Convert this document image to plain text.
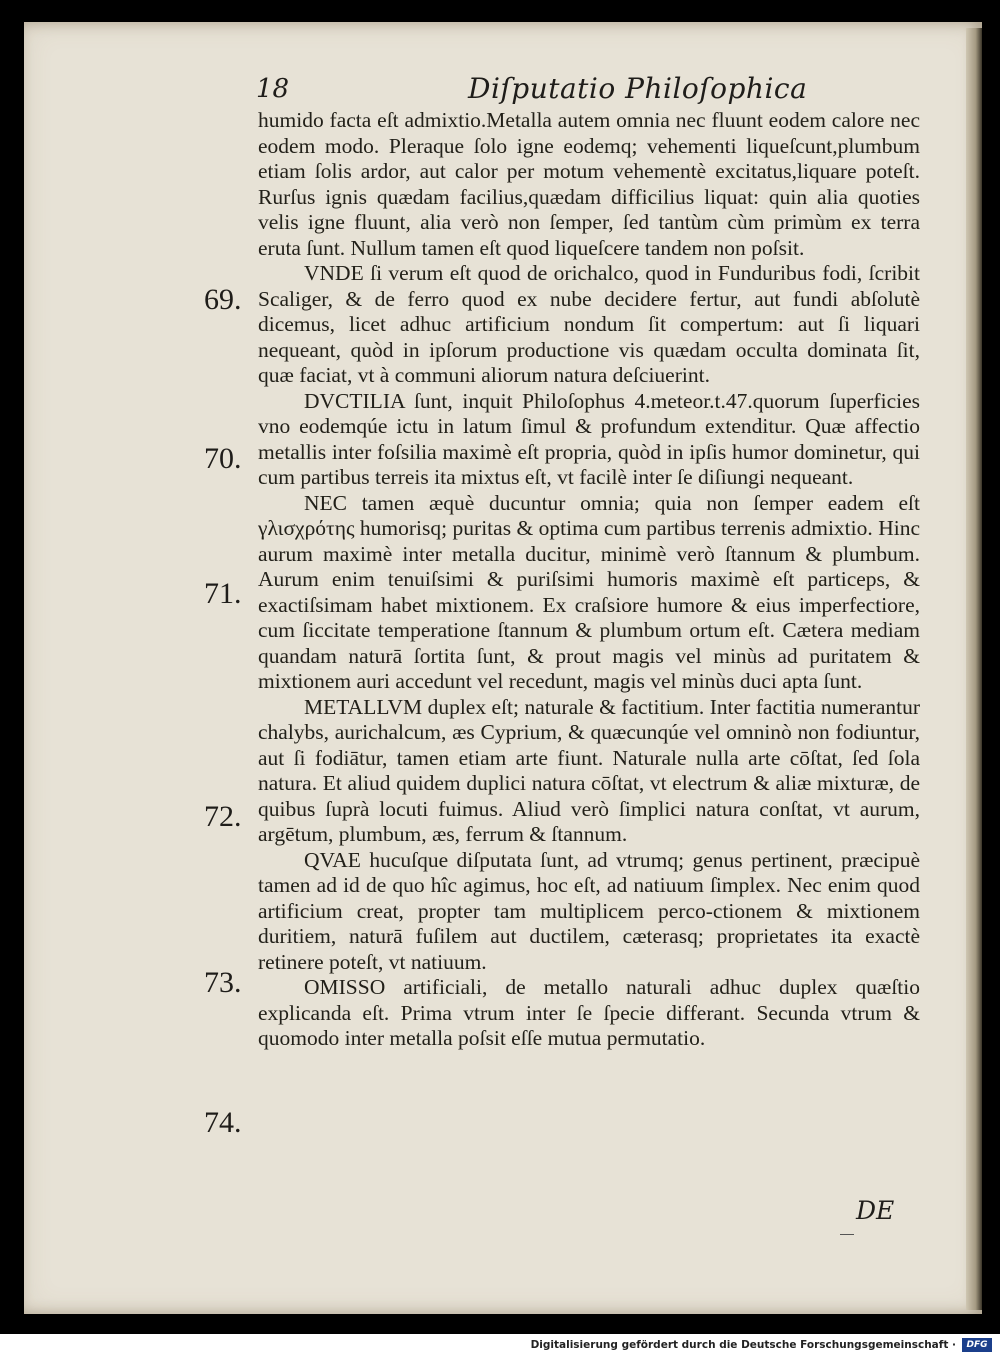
18	Diſputatio Philoſophica

humido facta eſt admixtio.Metalla autem omnia nec fluunt eodem calore nec eodem modo. Pleraque ſolo igne eodemq; vehementi liqueſcunt,plumbum etiam ſolis ardor, aut calor per motum vehementè excitatus,liquare poteſt. Rurſus ignis quædam facilius,quædam difficilius liquat: quin alia quoties velis igne fluunt, alia verò non ſemper, ſed tantùm cùm primùm ex terra eruta ſunt. Nullum tamen eſt quod liqueſcere tandem non poſsit.

VNDE ſi verum eſt quod de orichalco, quod in Funduribus fodi, ſcribit Scaliger, & de ferro quod ex nube decidere fertur, aut fundi abſolutè dicemus, licet adhuc artificium nondum ſit compertum: aut ſi liquari nequeant, quòd in ipſorum productione vis quædam occulta dominata ſit, quæ faciat, vt à communi aliorum natura deſciuerint.

DVCTILIA ſunt, inquit Philoſophus 4.meteor.t.47.quorum ſuperficies vno eodemqúe ictu in latum ſimul & profundum extenditur. Quæ affectio metallis inter foſsilia maximè eſt propria, quòd in ipſis humor dominetur, qui cum partibus terreis ita mixtus eſt, vt facilè inter ſe diſiungi nequeant.

NEC tamen æquè ducuntur omnia; quia non ſemper eadem eſt γλισχρότης humorisq; puritas & optima cum partibus terrenis admixtio. Hinc aurum maximè inter metalla ducitur, minimè verò ſtannum & plumbum. Aurum enim tenuiſsimi & puriſsimi humoris maximè eſt particeps, & exactiſsimam habet mixtionem. Ex craſsiore humore & eius imperfectiore, cum ſiccitate temperatione ſtannum & plumbum ortum eſt. Cætera mediam quandam naturā ſortita ſunt, & prout magis vel minùs ad puritatem & mixtionem auri accedunt vel recedunt, magis vel minùs duci apta ſunt.

METALLVM duplex eſt; naturale & factitium. Inter factitia numerantur chalybs, aurichalcum, æs Cyprium, & quæcunqúe vel omninò non fodiuntur, aut ſi fodiātur, tamen etiam arte fiunt. Naturale nulla arte cōſtat, ſed ſola natura. Et aliud quidem duplici natura cōſtat, vt electrum & aliæ mixturæ, de quibus ſuprà locuti fuimus. Aliud verò ſimplici natura conſtat, vt aurum, argētum, plumbum, æs, ferrum & ſtannum.

QVAE hucuſque diſputata ſunt, ad vtrumq; genus pertinent, præcipuè tamen ad id de quo hîc agimus, hoc eſt, ad natiuum ſimplex. Nec enim quod artificium creat, propter tam multiplicem perco-ctionem & mixtionem duritiem, naturā fuſilem aut ductilem, cæterasq; proprietates ita exactè retinere poteſt, vt natiuum.

OMISSO artificiali, de metallo naturali adhuc duplex quæſtio explicanda eſt. Prima vtrum inter ſe ſpecie differant. Secunda vtrum & quomodo inter metalla poſsit eſſe mutua permutatio.

69.
70.
71.
72.
73.
74.
DE
Digitalisierung gefördert durch die Deutsche Forschungsgemeinschaft ·	DFG
